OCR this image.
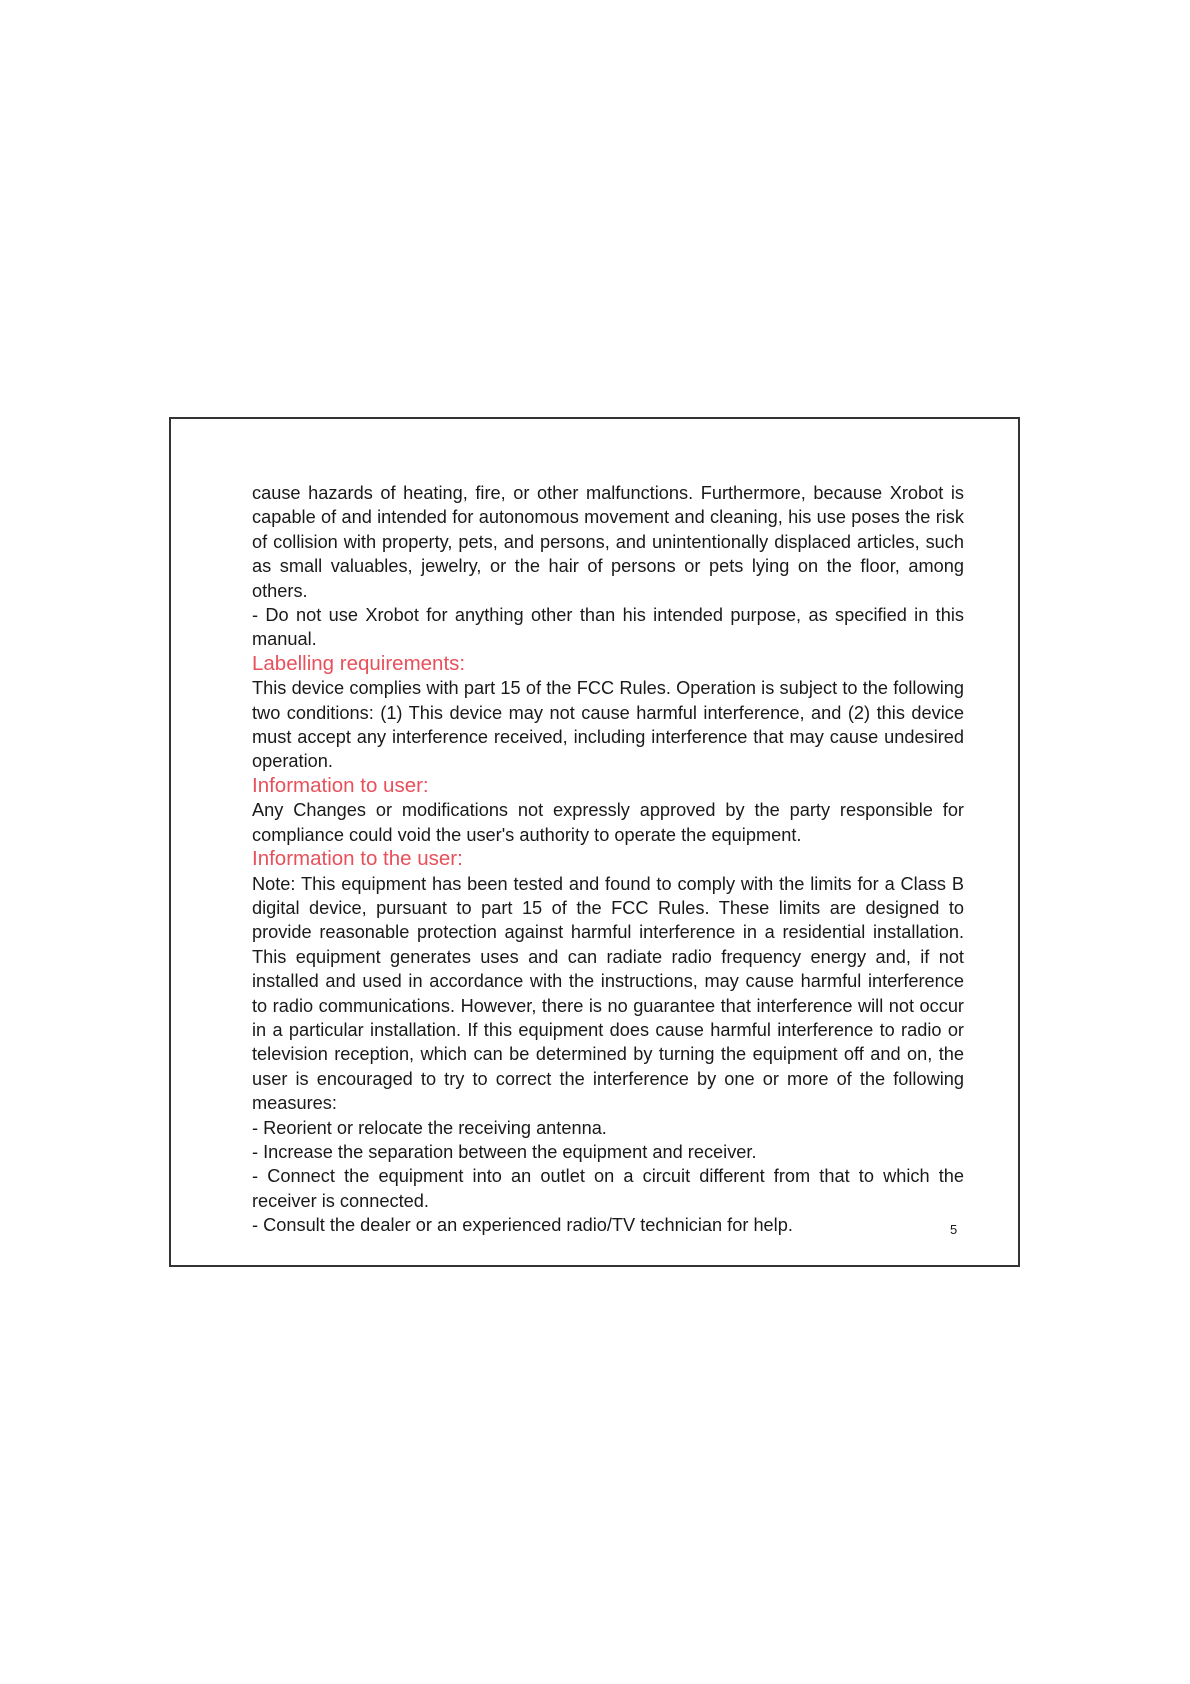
cause hazards of heating, fire, or other malfunctions. Furthermore, because Xrobot is capable of and intended for autonomous movement and cleaning, his use poses the risk of collision with property, pets, and persons, and unintentionally displaced articles, such as small valuables, jewelry, or the hair of persons or pets lying on the floor, among others.

- Do not use Xrobot for anything other than his intended purpose, as specified in this manual.

Labelling requirements:

This device complies with part 15 of the FCC Rules. Operation is subject to the following two conditions: (1) This device may not cause harmful interference, and (2) this device must accept any interference received, including interference that may cause undesired operation.

Information to user:

Any Changes or modifications not expressly approved by the party responsible for compliance could void the user's authority to operate the equipment.

Information to the user:

Note: This equipment has been tested and found to comply with the limits for a Class B digital device, pursuant to part 15 of the FCC Rules. These limits are designed to provide reasonable protection against harmful interference in a residential installation. This equipment generates uses and can radiate radio frequency energy and, if not installed and used in accordance with the instructions, may cause harmful interference to radio communications. However, there is no guarantee that interference will not occur in a particular installation. If this equipment does cause harmful interference to radio or television reception, which can be determined by turning the equipment off and on, the user is encouraged to try to correct the interference by one or more of the following measures:

- Reorient or relocate the receiving antenna.

- Increase the separation between the equipment and receiver.

- Connect the equipment into an outlet on a circuit different from that to which the receiver is connected.

- Consult the dealer or an experienced radio/TV technician for help.	5
